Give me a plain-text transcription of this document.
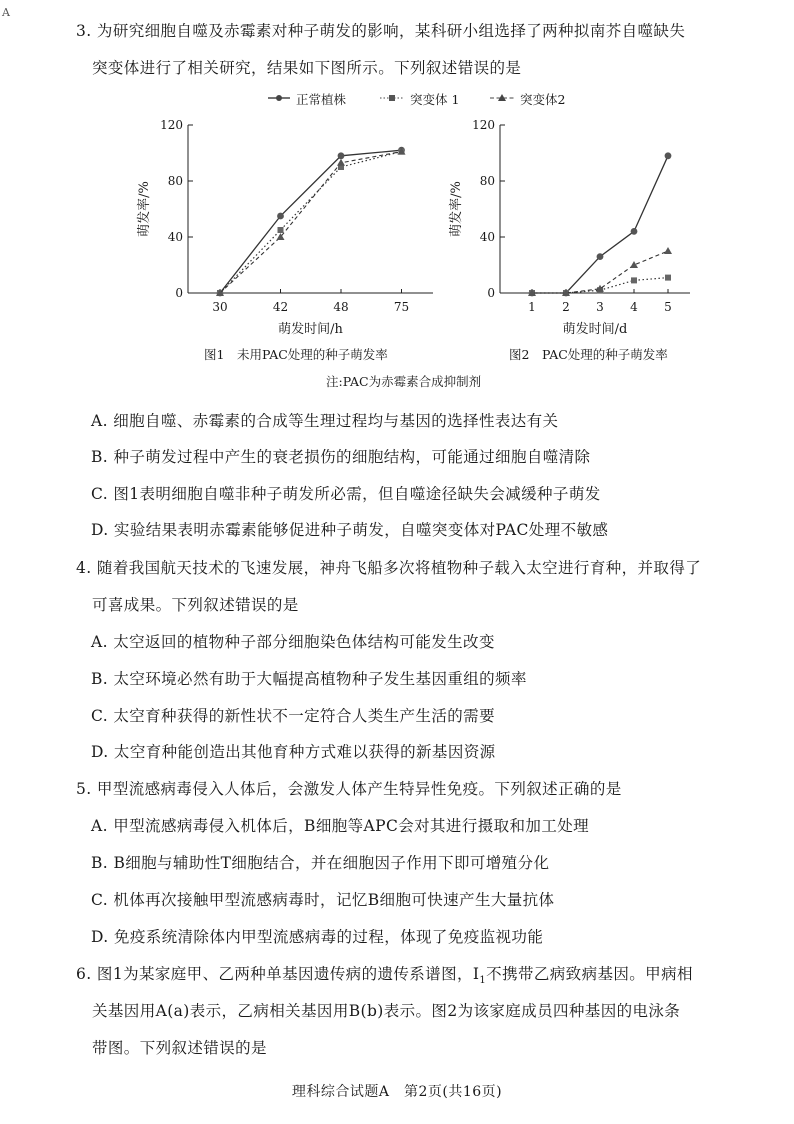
A
3. 为研究细胞自噬及赤霉素对种子萌发的影响，某科研小组选择了两种拟南芥自噬缺失
突变体进行了相关研究，结果如下图所示。下列叙述错误的是
正常植株	突变体 1	突变体2
0
40
80
120
30	42	48	75
萌发时间/h
萌发率/%
0
40
80
120
1 2 3 4 5
萌发时间/d
萌发率/%
图1　未用PAC处理的种子萌发率	图2　PAC处理的种子萌发率
注:PAC为赤霉素合成抑制剂
A. 细胞自噬、赤霉素的合成等生理过程均与基因的选择性表达有关
B. 种子萌发过程中产生的衰老损伤的细胞结构，可能通过细胞自噬清除
C. 图1表明细胞自噬非种子萌发所必需，但自噬途径缺失会减缓种子萌发
D. 实验结果表明赤霉素能够促进种子萌发，自噬突变体对PAC处理不敏感
4. 随着我国航天技术的飞速发展，神舟飞船多次将植物种子载入太空进行育种，并取得了
可喜成果。下列叙述错误的是
A. 太空返回的植物种子部分细胞染色体结构可能发生改变
B. 太空环境必然有助于大幅提高植物种子发生基因重组的频率
C. 太空育种获得的新性状不一定符合人类生产生活的需要
D. 太空育种能创造出其他育种方式难以获得的新基因资源
5. 甲型流感病毒侵入人体后，会激发人体产生特异性免疫。下列叙述正确的是
A. 甲型流感病毒侵入机体后，B细胞等APC会对其进行摄取和加工处理
B. B细胞与辅助性T细胞结合，并在细胞因子作用下即可增殖分化
C. 机体再次接触甲型流感病毒时，记忆B细胞可快速产生大量抗体
D. 免疫系统清除体内甲型流感病毒的过程，体现了免疫监视功能
6. 图1为某家庭甲、乙两种单基因遗传病的遗传系谱图，$I_1$不携带乙病致病基因。甲病相
关基因用A(a)表示，乙病相关基因用B(b)表示。图2为该家庭成员四种基因的电泳条
带图。下列叙述错误的是
理科综合试题A　第2页(共16页)
